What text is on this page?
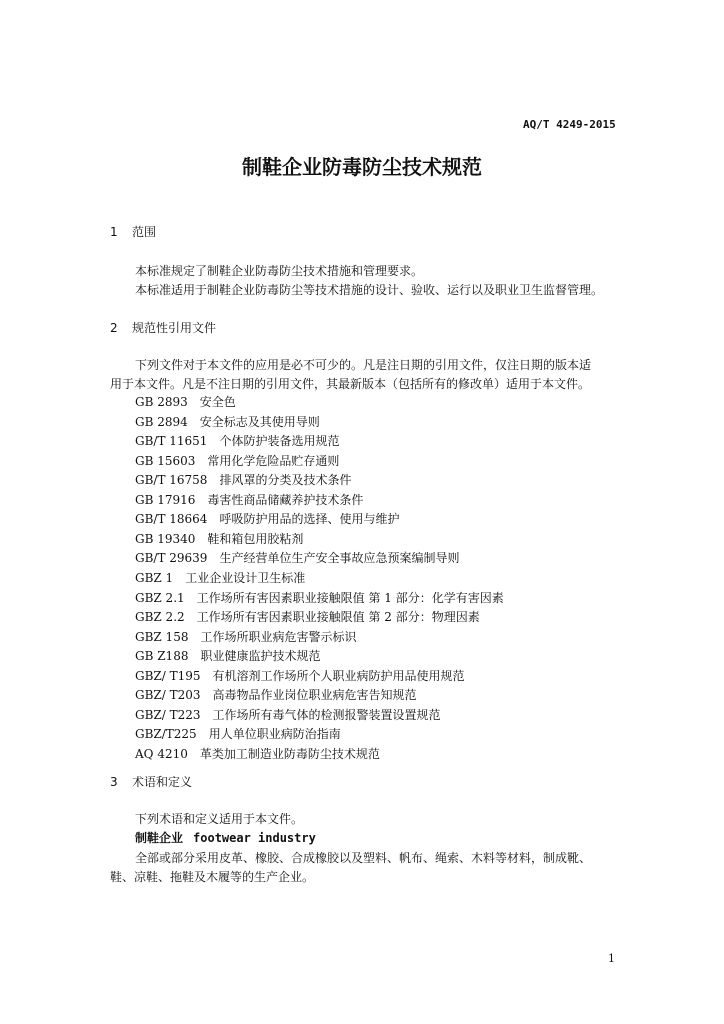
AQ/T 4249-2015
制鞋企业防毒防尘技术规范
1 范围
本标准规定了制鞋企业防毒防尘技术措施和管理要求。
本标准适用于制鞋企业防毒防尘等技术措施的设计、验收、运行以及职业卫生监督管理。
2 规范性引用文件
下列文件对于本文件的应用是必不可少的。凡是注日期的引用文件，仅注日期的版本适
用于本文件。凡是不注日期的引用文件，其最新版本（包括所有的修改单）适用于本文件。
GB 2893 安全色
GB 2894 安全标志及其使用导则
GB/T 11651 个体防护装备选用规范
GB 15603 常用化学危险品贮存通则
GB/T 16758 排风罩的分类及技术条件
GB 17916 毒害性商品储藏养护技术条件
GB/T 18664 呼吸防护用品的选择、使用与维护
GB 19340 鞋和箱包用胶粘剂
GB/T 29639 生产经营单位生产安全事故应急预案编制导则
GBZ 1 工业企业设计卫生标准
GBZ 2.1 工作场所有害因素职业接触限值 第 1 部分：化学有害因素
GBZ 2.2 工作场所有害因素职业接触限值 第 2 部分：物理因素
GBZ 158 工作场所职业病危害警示标识
GB Z188 职业健康监护技术规范
GBZ/ T195 有机溶剂工作场所个人职业病防护用品使用规范
GBZ/ T203 高毒物品作业岗位职业病危害告知规范
GBZ/ T223 工作场所有毒气体的检测报警装置设置规范
GBZ/T225 用人单位职业病防治指南
AQ 4210 革类加工制造业防毒防尘技术规范
3 术语和定义
下列术语和定义适用于本文件。
制鞋企业 footwear industry
全部或部分采用皮革、橡胶、合成橡胶以及塑料、帆布、绳索、木料等材料，制成靴、
鞋、凉鞋、拖鞋及木履等的生产企业。
1
